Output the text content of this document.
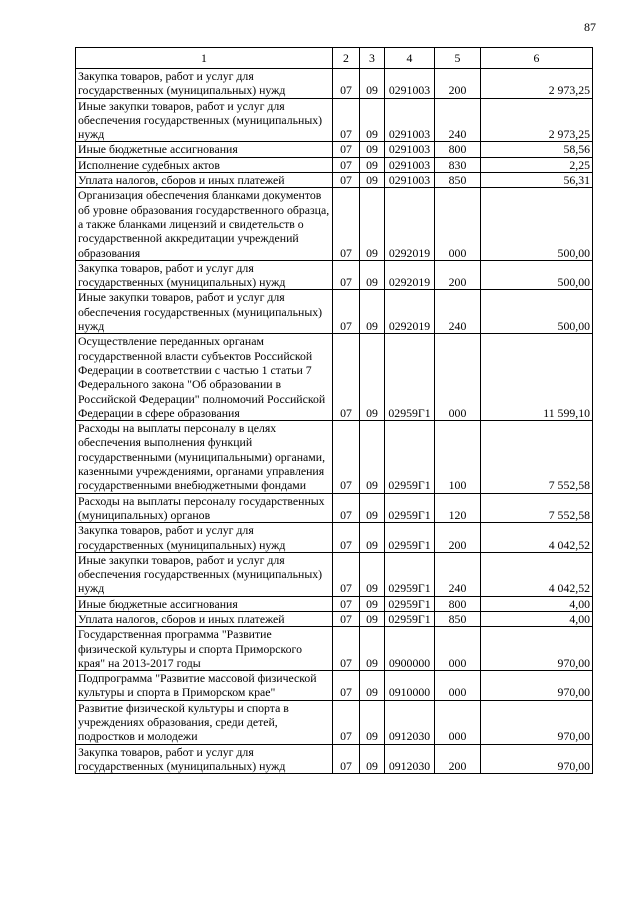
87
1	2	3	4	5	6
Закупка товаров, работ и услуг для государственных (муниципальных) нужд	07	09	0291003	200	2 973,25
Иные закупки товаров, работ и услуг для обеспечения государственных (муниципальных) нужд	07	09	0291003	240	2 973,25
Иные бюджетные ассигнования	07	09	0291003	800	58,56
Исполнение судебных актов	07	09	0291003	830	2,25
Уплата налогов, сборов и иных платежей	07	09	0291003	850	56,31
Организация обеспечения бланками документов об уровне образования государственного образца, а также бланками лицензий и свидетельств о государственной аккредитации учреждений образования	07	09	0292019	000	500,00
Закупка товаров, работ и услуг для государственных (муниципальных) нужд	07	09	0292019	200	500,00
Иные закупки товаров, работ и услуг для обеспечения государственных (муниципальных) нужд	07	09	0292019	240	500,00
Осуществление переданных органам государственной власти субъектов Российской Федерации в соответствии с частью 1 статьи 7 Федерального закона "Об образовании в Российской Федерации" полномочий Российской Федерации в сфере образования	07	09	02959Г1	000	11 599,10
Расходы на выплаты персоналу в целях обеспечения выполнения функций государственными (муниципальными) органами, казенными учреждениями, органами управления государственными внебюджетными фондами	07	09	02959Г1	100	7 552,58
Расходы на выплаты персоналу государственных (муниципальных) органов	07	09	02959Г1	120	7 552,58
Закупка товаров, работ и услуг для государственных (муниципальных) нужд	07	09	02959Г1	200	4 042,52
Иные закупки товаров, работ и услуг для обеспечения государственных (муниципальных) нужд	07	09	02959Г1	240	4 042,52
Иные бюджетные ассигнования	07	09	02959Г1	800	4,00
Уплата налогов, сборов и иных платежей	07	09	02959Г1	850	4,00
Государственная программа "Развитие физической культуры и спорта Приморского края" на 2013-2017 годы	07	09	0900000	000	970,00
Подпрограмма "Развитие массовой физической культуры и спорта в Приморском крае"	07	09	0910000	000	970,00
Развитие физической культуры и спорта в учреждениях образования, среди детей, подростков и молодежи	07	09	0912030	000	970,00
Закупка товаров, работ и услуг для государственных (муниципальных) нужд	07	09	0912030	200	970,00
